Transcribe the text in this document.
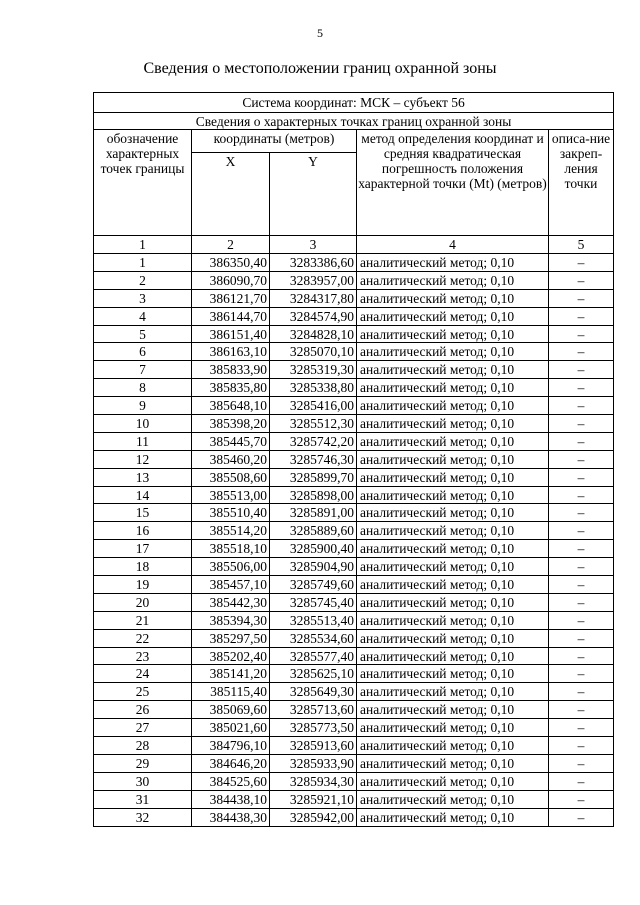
5
Сведения о местоположении границ охранной зоны
Система координат: МСК – субъект 56				
Сведения о характерных точках границ охранной зоны				

обозначение характерных точек границы	координаты (метров)		метод определения координат и средняя квадратическая погрешность положения характерной точки (Mt) (метров)	описа-ние закреп-ления точки

	X	Y		

1	2	3	4	5
1	386350,40	3283386,60	аналитический метод; 0,10	–
2	386090,70	3283957,00	аналитический метод; 0,10	–
3	386121,70	3284317,80	аналитический метод; 0,10	–
4	386144,70	3284574,90	аналитический метод; 0,10	–
5	386151,40	3284828,10	аналитический метод; 0,10	–
6	386163,10	3285070,10	аналитический метод; 0,10	–
7	385833,90	3285319,30	аналитический метод; 0,10	–
8	385835,80	3285338,80	аналитический метод; 0,10	–
9	385648,10	3285416,00	аналитический метод; 0,10	–
10	385398,20	3285512,30	аналитический метод; 0,10	–
11	385445,70	3285742,20	аналитический метод; 0,10	–
12	385460,20	3285746,30	аналитический метод; 0,10	–
13	385508,60	3285899,70	аналитический метод; 0,10	–
14	385513,00	3285898,00	аналитический метод; 0,10	–
15	385510,40	3285891,00	аналитический метод; 0,10	–
16	385514,20	3285889,60	аналитический метод; 0,10	–
17	385518,10	3285900,40	аналитический метод; 0,10	–
18	385506,00	3285904,90	аналитический метод; 0,10	–
19	385457,10	3285749,60	аналитический метод; 0,10	–
20	385442,30	3285745,40	аналитический метод; 0,10	–
21	385394,30	3285513,40	аналитический метод; 0,10	–
22	385297,50	3285534,60	аналитический метод; 0,10	–
23	385202,40	3285577,40	аналитический метод; 0,10	–
24	385141,20	3285625,10	аналитический метод; 0,10	–
25	385115,40	3285649,30	аналитический метод; 0,10	–
26	385069,60	3285713,60	аналитический метод; 0,10	–
27	385021,60	3285773,50	аналитический метод; 0,10	–
28	384796,10	3285913,60	аналитический метод; 0,10	–
29	384646,20	3285933,90	аналитический метод; 0,10	–
30	384525,60	3285934,30	аналитический метод; 0,10	–
31	384438,10	3285921,10	аналитический метод; 0,10	–
32	384438,30	3285942,00	аналитический метод; 0,10	–
